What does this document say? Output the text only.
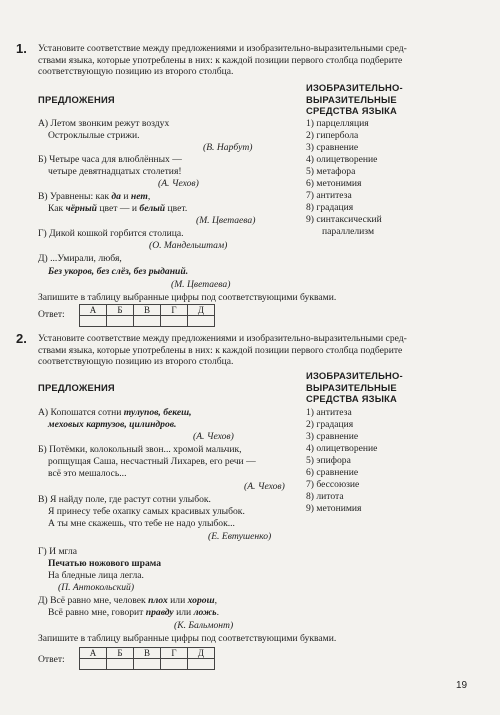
1. Установите соответствие между предложениями и изобразительно-выразительными сред-
ствами языка, которые употреблены в них: к каждой позиции первого столбца подберите
соответствующую позицию из второго столбца.
ПРЕДЛОЖЕНИЯ
ИЗОБРАЗИТЕЛЬНО-
ВЫРАЗИТЕЛЬНЫЕ
СРЕДСТВА ЯЗЫКА
А) Летом звонким режут воздух
Остроклылые стрижи.
(В. Нарбут)
Б) Четыре часа для влюблённых —
четыре девятнадцатых столетия!
(А. Чехов)
В) Уравнены: как да и нет,
Как чёрный цвет — и белый цвет.
(М. Цветаева)
Г) Дикой кошкой горбится столица.
(О. Мандельштам)
Д) ...Умирали, любя,
Без укоров, без слёз, без рыданий.
(М. Цветаева)
1) парцелляция
2) гипербола
3) сравнение
4) олицетворение
5) метафора
6) метонимия
7) антитеза
8) градация
9) синтаксический
параллелизм
Запишите в таблицу выбранные цифры под соответствующими буквами.
Ответ:	А	Б	В	Г	Д

2. Установите соответствие между предложениями и изобразительно-выразительными сред-
ствами языка, которые употреблены в них: к каждой позиции первого столбца подберите
соответствующую позицию из второго столбца.
ПРЕДЛОЖЕНИЯ
ИЗОБРАЗИТЕЛЬНО-
ВЫРАЗИТЕЛЬНЫЕ
СРЕДСТВА ЯЗЫКА
А) Копошатся сотни тулупов, бекеш,
меховых картузов, цилиндров.
(А. Чехов)
Б) Потёмки, колокольный звон... хромой мальчик,
ропщущая Саша, несчастный Лихарев, его речи —
всё это мешалось...
(А. Чехов)
В) Я найду поле, где растут сотни улыбок.
Я принесу тебе охапку самых красивых улыбок.
А ты мне скажешь, что тебе не надо улыбок...
(Е. Евтушенко)
Г) И мгла
Печатью ножового шрама
На бледные лица легла.
(П. Антокольский)
Д) Всё равно мне, человек плох или хорош,
Всё равно мне, говорит правду или ложь.
(К. Бальмонт)
1) антитеза
2) градация
3) сравнение
4) олицетворение
5) эпифора
6) сравнение
7) бессоюзие
8) литота
9) метонимия
Запишите в таблицу выбранные цифры под соответствующими буквами.
Ответ:
А	Б	В	Г	Д

19
